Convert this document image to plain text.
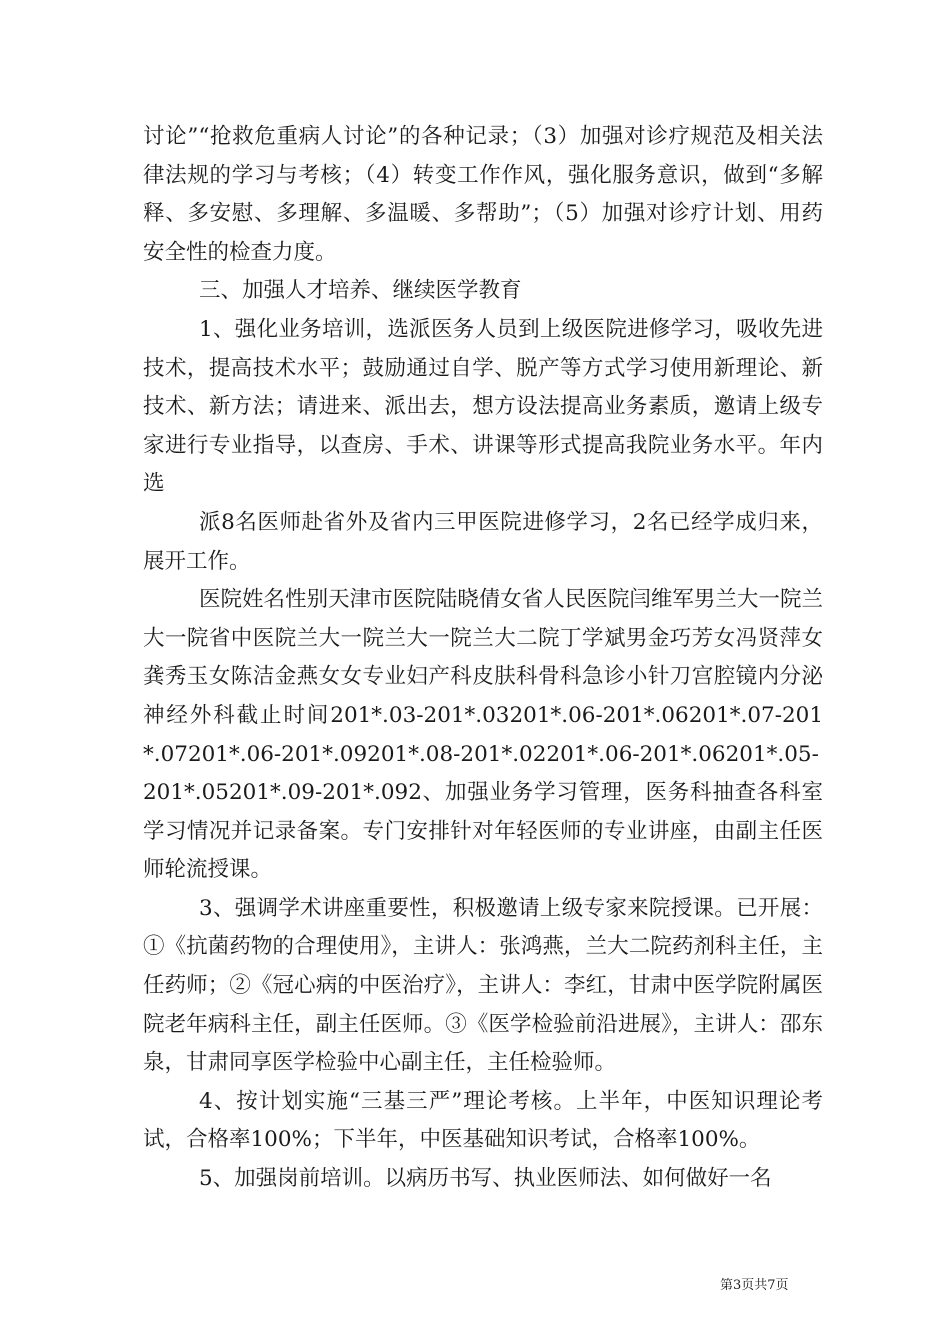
讨论”“抢救危重病人讨论”的各种记录；（3）加强对诊疗规范及相关法律法规的学习与考核；（4）转变工作作风，强化服务意识，做到“多解释、多安慰、多理解、多温暖、多帮助”；（5）加强对诊疗计划、用药安全性的检查力度。

三、加强人才培养、继续医学教育

1、强化业务培训，选派医务人员到上级医院进修学习，吸收先进技术，提高技术水平；鼓励通过自学、脱产等方式学习使用新理论、新技术、新方法；请进来、派出去，想方设法提高业务素质，邀请上级专家进行专业指导，以查房、手术、讲课等形式提高我院业务水平。年内选

派8名医师赴省外及省内三甲医院进修学习，2名已经学成归来，展开工作。

医院姓名性别天津市医院陆晓倩女省人民医院闫维军男兰大一院兰大一院省中医院兰大一院兰大一院兰大二院丁学斌男金巧芳女冯贤萍女龚秀玉女陈洁金燕女女专业妇产科皮肤科骨科急诊小针刀宫腔镜内分泌神经外科截止时间201*.03-201*.03201*.06-201*.06201*.07-201*.07201*.06-201*.09201*.08-201*.02201*.06-201*.06201*.05-201*.05201*.09-201*.092、加强业务学习管理，医务科抽查各科室学习情况并记录备案。专门安排针对年轻医师的专业讲座，由副主任医师轮流授课。

3、强调学术讲座重要性，积极邀请上级专家来院授课。已开展：①《抗菌药物的合理使用》，主讲人：张鸿燕，兰大二院药剂科主任，主任药师；②《冠心病的中医治疗》，主讲人：李红，甘肃中医学院附属医院老年病科主任，副主任医师。③《医学检验前沿进展》，主讲人：邵东泉，甘肃同享医学检验中心副主任，主任检验师。

4、按计划实施“三基三严”理论考核。上半年，中医知识理论考试，合格率100%；下半年，中医基础知识考试，合格率100%。

5、加强岗前培训。以病历书写、执业医师法、如何做好一名

第3页共7页
